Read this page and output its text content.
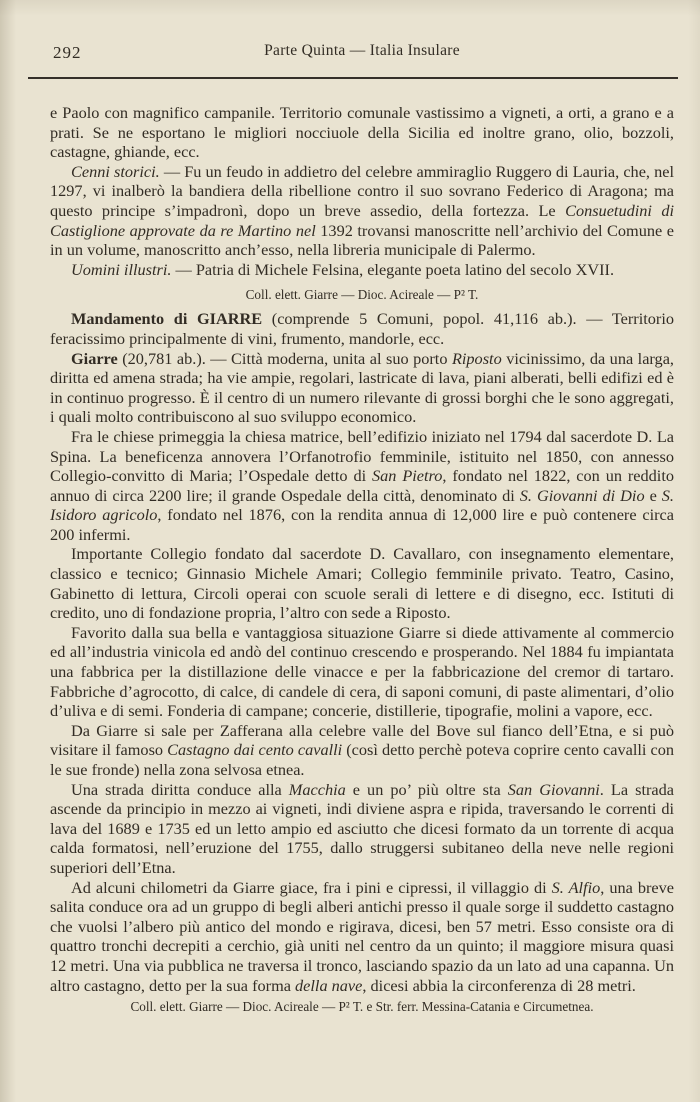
292	Parte Quinta — Italia Insulare

e Paolo con magnifico campanile. Territorio comunale vastissimo a vigneti, a orti, a grano e a prati. Se ne esportano le migliori nocciuole della Sicilia ed inoltre grano, olio, bozzoli, castagne, ghiande, ecc.

Cenni storici. — Fu un feudo in addietro del celebre ammiraglio Ruggero di Lauria, che, nel 1297, vi inalberò la bandiera della ribellione contro il suo sovrano Federico di Aragona; ma questo principe s’impadronì, dopo un breve assedio, della fortezza. Le Consuetudini di Castiglione approvate da re Martino nel 1392 trovansi manoscritte nell’archivio del Comune e in un volume, manoscritto anch’esso, nella libreria municipale di Palermo.

Uomini illustri. — Patria di Michele Felsina, elegante poeta latino del secolo XVII.

Coll. elett. Giarre — Dioc. Acireale — P² T.

Mandamento di GIARRE (comprende 5 Comuni, popol. 41,116 ab.). — Territorio feracissimo principalmente di vini, frumento, mandorle, ecc.

Giarre (20,781 ab.). — Città moderna, unita al suo porto Riposto vicinissimo, da una larga, diritta ed amena strada; ha vie ampie, regolari, lastricate di lava, piani alberati, belli edifizi ed è in continuo progresso. È il centro di un numero rilevante di grossi borghi che le sono aggregati, i quali molto contribuiscono al suo sviluppo economico.

Fra le chiese primeggia la chiesa matrice, bell’edifizio iniziato nel 1794 dal sacerdote D. La Spina. La beneficenza annovera l’Orfanotrofio femminile, istituito nel 1850, con annesso Collegio-convitto di Maria; l’Ospedale detto di San Pietro, fondato nel 1822, con un reddito annuo di circa 2200 lire; il grande Ospedale della città, denominato di S. Giovanni di Dio e S. Isidoro agricolo, fondato nel 1876, con la rendita annua di 12,000 lire e può contenere circa 200 infermi.

Importante Collegio fondato dal sacerdote D. Cavallaro, con insegnamento elementare, classico e tecnico; Ginnasio Michele Amari; Collegio femminile privato. Teatro, Casino, Gabinetto di lettura, Circoli operai con scuole serali di lettere e di disegno, ecc. Istituti di credito, uno di fondazione propria, l’altro con sede a Riposto.

Favorito dalla sua bella e vantaggiosa situazione Giarre si diede attivamente al commercio ed all’industria vinicola ed andò del continuo crescendo e prosperando. Nel 1884 fu impiantata una fabbrica per la distillazione delle vinacce e per la fabbricazione del cremor di tartaro. Fabbriche d’agrocotto, di calce, di candele di cera, di saponi comuni, di paste alimentari, d’olio d’uliva e di semi. Fonderia di campane; concerie, distillerie, tipografie, molini a vapore, ecc.

Da Giarre si sale per Zafferana alla celebre valle del Bove sul fianco dell’Etna, e si può visitare il famoso Castagno dai cento cavalli (così detto perchè poteva coprire cento cavalli con le sue fronde) nella zona selvosa etnea.

Una strada diritta conduce alla Macchia e un po’ più oltre sta San Giovanni. La strada ascende da principio in mezzo ai vigneti, indi diviene aspra e ripida, traversando le correnti di lava del 1689 e 1735 ed un letto ampio ed asciutto che dicesi formato da un torrente di acqua calda formatosi, nell’eruzione del 1755, dallo struggersi subitaneo della neve nelle regioni superiori dell’Etna.

Ad alcuni chilometri da Giarre giace, fra i pini e cipressi, il villaggio di S. Alfio, una breve salita conduce ora ad un gruppo di begli alberi antichi presso il quale sorge il suddetto castagno che vuolsi l’albero più antico del mondo e rigirava, dicesi, ben 57 metri. Esso consiste ora di quattro tronchi decrepiti a cerchio, già uniti nel centro da un quinto; il maggiore misura quasi 12 metri. Una via pubblica ne traversa il tronco, lasciando spazio da un lato ad una capanna. Un altro castagno, detto per la sua forma della nave, dicesi abbia la circonferenza di 28 metri.

Coll. elett. Giarre — Dioc. Acireale — P² T. e Str. ferr. Messina-Catania e Circumetnea.
